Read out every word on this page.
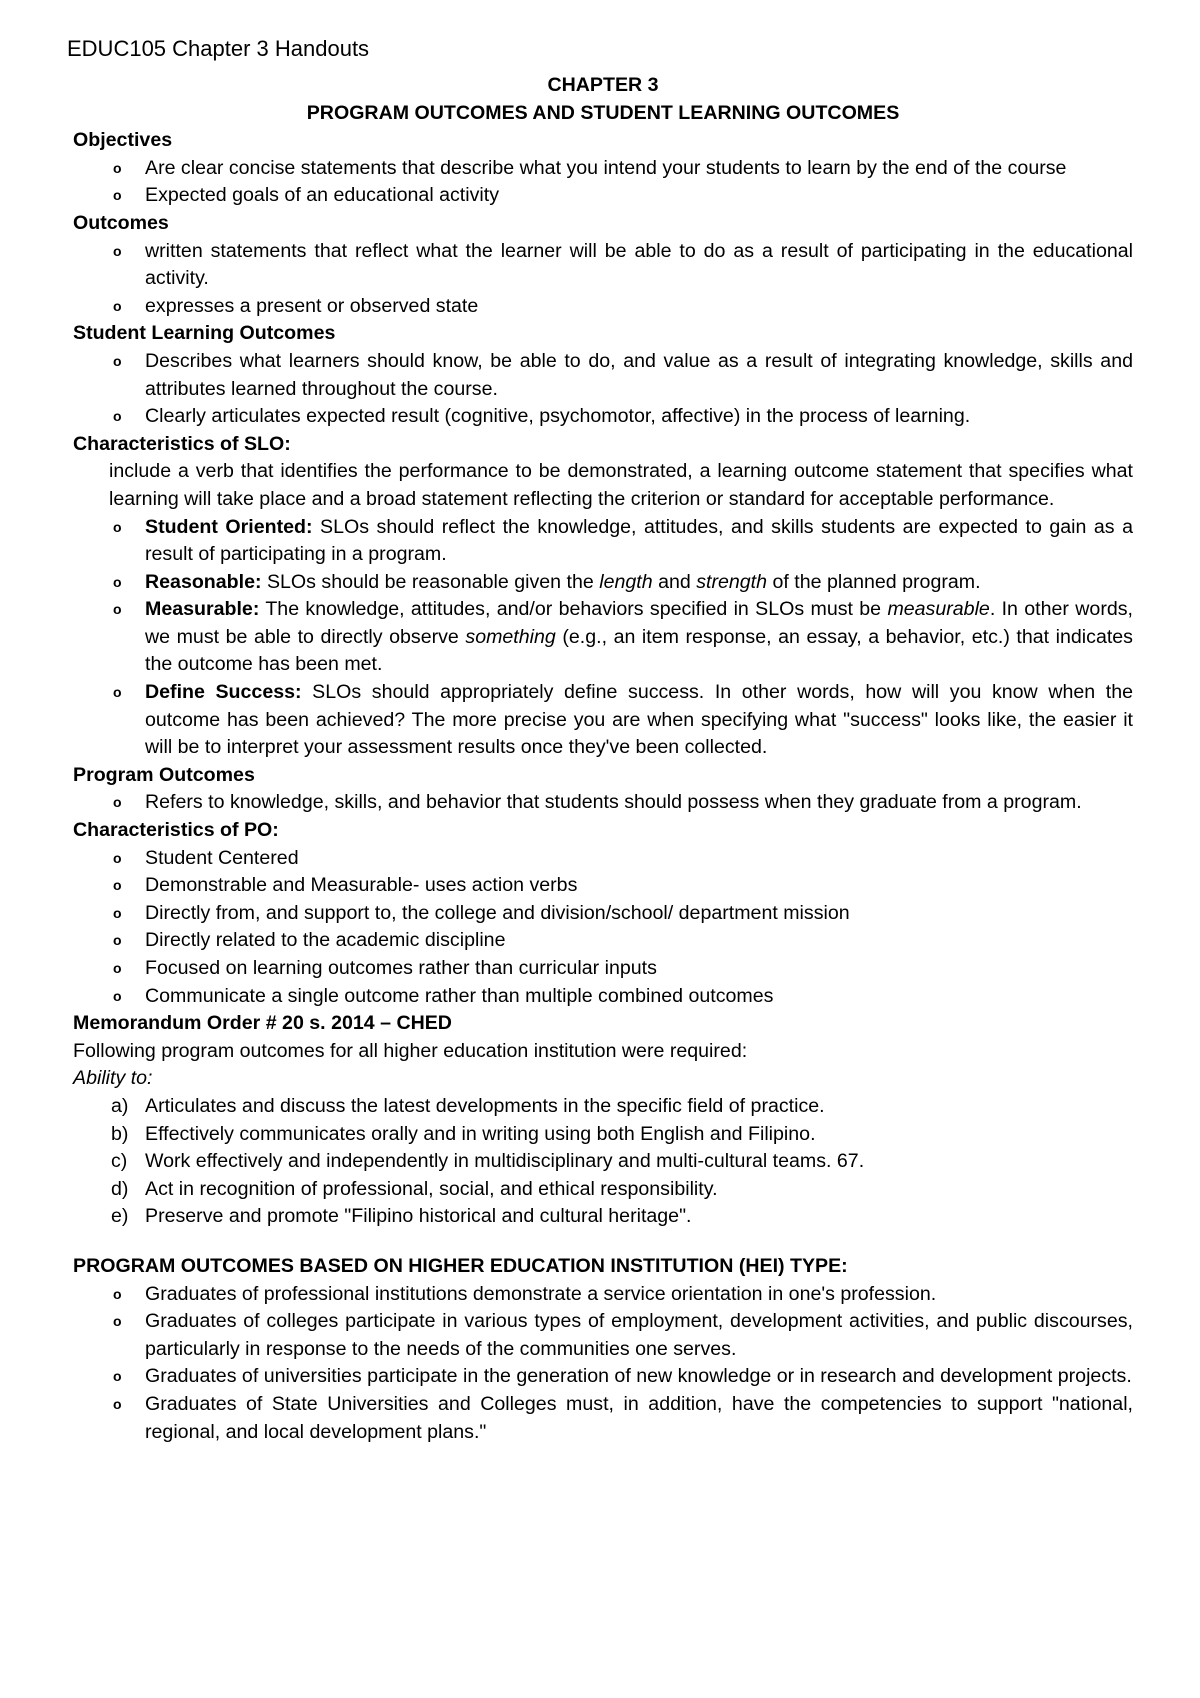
EDUC105 Chapter 3 Handouts
CHAPTER 3
PROGRAM OUTCOMES AND STUDENT LEARNING OUTCOMES
Objectives
o Are clear concise statements that describe what you intend your students to learn by the end of the course
o Expected goals of an educational activity
Outcomes
o written statements that reflect what the learner will be able to do as a result of participating in the educational activity.
o expresses a present or observed state
Student Learning Outcomes
o Describes what learners should know, be able to do, and value as a result of integrating knowledge, skills and attributes learned throughout the course.
o Clearly articulates expected result (cognitive, psychomotor, affective) in the process of learning.
Characteristics of SLO:
include a verb that identifies the performance to be demonstrated, a learning outcome statement that specifies what learning will take place and a broad statement reflecting the criterion or standard for acceptable performance.
o Student Oriented: SLOs should reflect the knowledge, attitudes, and skills students are expected to gain as a result of participating in a program.
o Reasonable: SLOs should be reasonable given the length and strength of the planned program.
o Measurable: The knowledge, attitudes, and/or behaviors specified in SLOs must be measurable. In other words, we must be able to directly observe something (e.g., an item response, an essay, a behavior, etc.) that indicates the outcome has been met.
o Define Success: SLOs should appropriately define success. In other words, how will you know when the outcome has been achieved? The more precise you are when specifying what "success" looks like, the easier it will be to interpret your assessment results once they've been collected.
Program Outcomes
o Refers to knowledge, skills, and behavior that students should possess when they graduate from a program.
Characteristics of PO:
o Student Centered
o Demonstrable and Measurable- uses action verbs
o Directly from, and support to, the college and division/school/ department mission
o Directly related to the academic discipline
o Focused on learning outcomes rather than curricular inputs
o Communicate a single outcome rather than multiple combined outcomes
Memorandum Order # 20 s. 2014 – CHED
Following program outcomes for all higher education institution were required:
Ability to:
a) Articulates and discuss the latest developments in the specific field of practice.
b) Effectively communicates orally and in writing using both English and Filipino.
c) Work effectively and independently in multidisciplinary and multi-cultural teams. 67.
d) Act in recognition of professional, social, and ethical responsibility.
e) Preserve and promote "Filipino historical and cultural heritage".
PROGRAM OUTCOMES BASED ON HIGHER EDUCATION INSTITUTION (HEI) TYPE:
o Graduates of professional institutions demonstrate a service orientation in one's profession.
o Graduates of colleges participate in various types of employment, development activities, and public discourses, particularly in response to the needs of the communities one serves.
o Graduates of universities participate in the generation of new knowledge or in research and development projects.
o Graduates of State Universities and Colleges must, in addition, have the competencies to support "national, regional, and local development plans."
